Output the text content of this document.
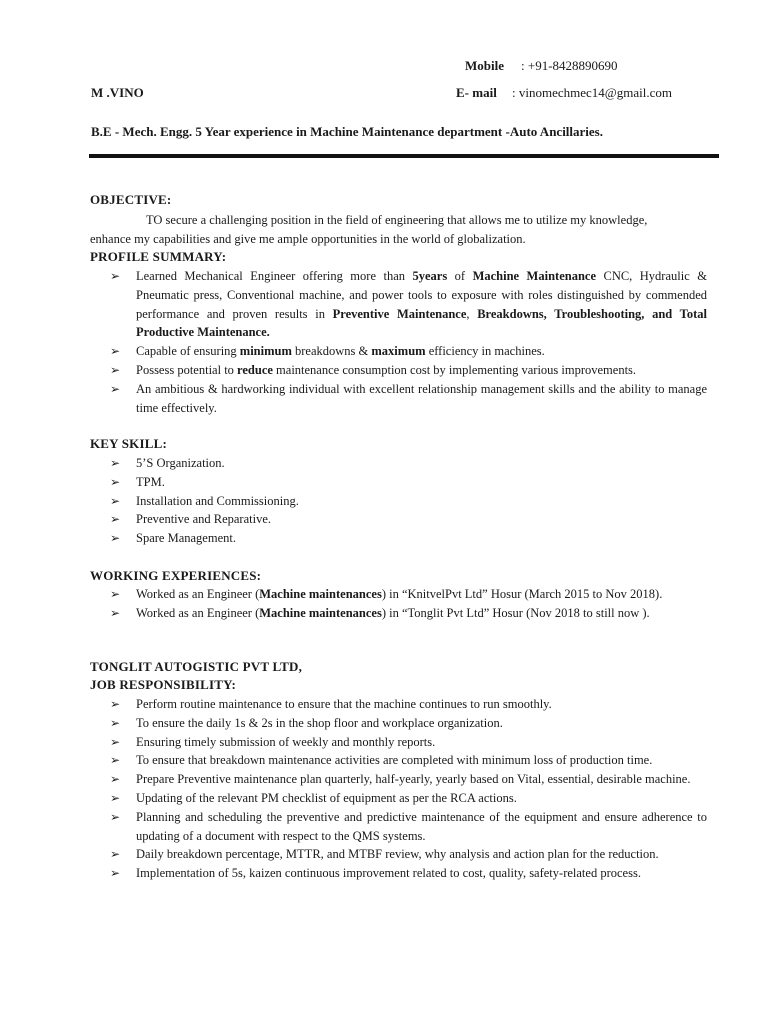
Mobile : +91-8428890690
M .VINO	E- mail : vinomechmec14@gmail.com
B.E - Mech. Engg. 5 Year experience in Machine Maintenance department -Auto Ancillaries.
OBJECTIVE:
TO secure a challenging position in the field of engineering that allows me to utilize my knowledge,
enhance my capabilities and give me ample opportunities in the world of globalization.
PROFILE SUMMARY:
➢ Learned Mechanical Engineer offering more than 5years of Machine Maintenance CNC, Hydraulic & Pneumatic press, Conventional machine, and power tools to exposure with roles distinguished by commended performance and proven results in Preventive Maintenance, Breakdowns, Troubleshooting, and Total Productive Maintenance.
➢ Capable of ensuring minimum breakdowns & maximum efficiency in machines.
➢ Possess potential to reduce maintenance consumption cost by implementing various improvements.
➢ An ambitious & hardworking individual with excellent relationship management skills and the ability to manage time effectively.
KEY SKILL:
➢ 5’S Organization.
➢ TPM.
➢ Installation and Commissioning.
➢ Preventive and Reparative.
➢ Spare Management.
WORKING EXPERIENCES:
➢ Worked as an Engineer (Machine maintenances) in “KnitvelPvt Ltd” Hosur (March 2015 to Nov 2018).
➢ Worked as an Engineer (Machine maintenances) in “Tonglit Pvt Ltd” Hosur (Nov 2018 to still now ).
TONGLIT AUTOGISTIC PVT LTD,
JOB RESPONSIBILITY:
➢ Perform routine maintenance to ensure that the machine continues to run smoothly.
➢ To ensure the daily 1s & 2s in the shop floor and workplace organization.
➢ Ensuring timely submission of weekly and monthly reports.
➢ To ensure that breakdown maintenance activities are completed with minimum loss of production time.
➢ Prepare Preventive maintenance plan quarterly, half-yearly, yearly based on Vital, essential, desirable machine.
➢ Updating of the relevant PM checklist of equipment as per the RCA actions.
➢ Planning and scheduling the preventive and predictive maintenance of the equipment and ensure adherence to updating of a document with respect to the QMS systems.
➢ Daily breakdown percentage, MTTR, and MTBF review, why analysis and action plan for the reduction.
➢ Implementation of 5s, kaizen continuous improvement related to cost, quality, safety-related process.
